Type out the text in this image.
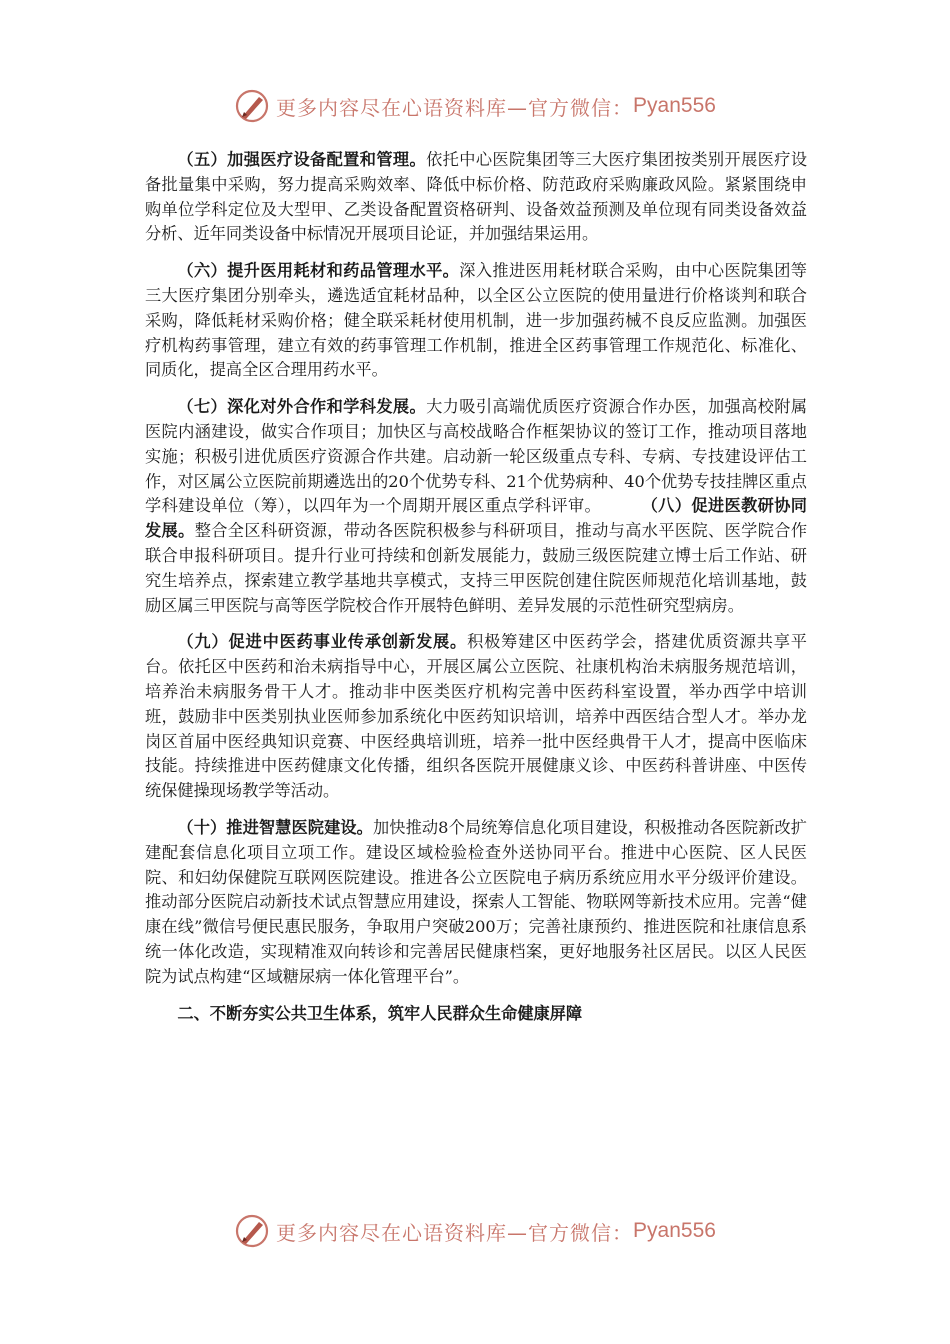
更多内容尽在心语资料库—官方微信： Pyan556

（五）加强医疗设备配置和管理。依托中心医院集团等三大医疗集团按类别开展医疗设备批量集中采购，努力提高采购效率、降低中标价格、防范政府采购廉政风险。紧紧围绕申购单位学科定位及大型甲、乙类设备配置资格研判、设备效益预测及单位现有同类设备效益分析、近年同类设备中标情况开展项目论证，并加强结果运用。

（六）提升医用耗材和药品管理水平。深入推进医用耗材联合采购，由中心医院集团等三大医疗集团分别牵头，遴选适宜耗材品种，以全区公立医院的使用量进行价格谈判和联合采购，降低耗材采购价格；健全联采耗材使用机制，进一步加强药械不良反应监测。加强医疗机构药事管理，建立有效的药事管理工作机制，推进全区药事管理工作规范化、标准化、同质化，提高全区合理用药水平。

（七）深化对外合作和学科发展。大力吸引高端优质医疗资源合作办医，加强高校附属医院内涵建设，做实合作项目；加快区与高校战略合作框架协议的签订工作，推动项目落地实施；积极引进优质医疗资源合作共建。启动新一轮区级重点专科、专病、专技建设评估工作，对区属公立医院前期遴选出的20个优势专科、21个优势病种、40个优势专技挂牌区重点学科建设单位（筹），以四年为一个周期开展区重点学科评审。	（八）促进医教研协同发展。整合全区科研资源，带动各医院积极参与科研项目，推动与高水平医院、医学院合作联合申报科研项目。提升行业可持续和创新发展能力，鼓励三级医院建立博士后工作站、研究生培养点，探索建立教学基地共享模式，支持三甲医院创建住院医师规范化培训基地，鼓励区属三甲医院与高等医学院校合作开展特色鲜明、差异发展的示范性研究型病房。

（九）促进中医药事业传承创新发展。积极筹建区中医药学会，搭建优质资源共享平台。依托区中医药和治未病指导中心，开展区属公立医院、社康机构治未病服务规范培训，培养治未病服务骨干人才。推动非中医类医疗机构完善中医药科室设置，举办西学中培训班，鼓励非中医类别执业医师参加系统化中医药知识培训，培养中西医结合型人才。举办龙岗区首届中医经典知识竞赛、中医经典培训班，培养一批中医经典骨干人才，提高中医临床技能。持续推进中医药健康文化传播，组织各医院开展健康义诊、中医药科普讲座、中医传统保健操现场教学等活动。

（十）推进智慧医院建设。加快推动8个局统筹信息化项目建设，积极推动各医院新改扩建配套信息化项目立项工作。建设区域检验检查外送协同平台。推进中心医院、区人民医院、和妇幼保健院互联网医院建设。推进各公立医院电子病历系统应用水平分级评价建设。推动部分医院启动新技术试点智慧应用建设，探索人工智能、物联网等新技术应用。完善“健康在线”微信号便民惠民服务，争取用户突破200万；完善社康预约、推进医院和社康信息系统一体化改造，实现精准双向转诊和完善居民健康档案，更好地服务社区居民。以区人民医院为试点构建“区域糖尿病一体化管理平台”。

二、不断夯实公共卫生体系，筑牢人民群众生命健康屏障

更多内容尽在心语资料库—官方微信： Pyan556
